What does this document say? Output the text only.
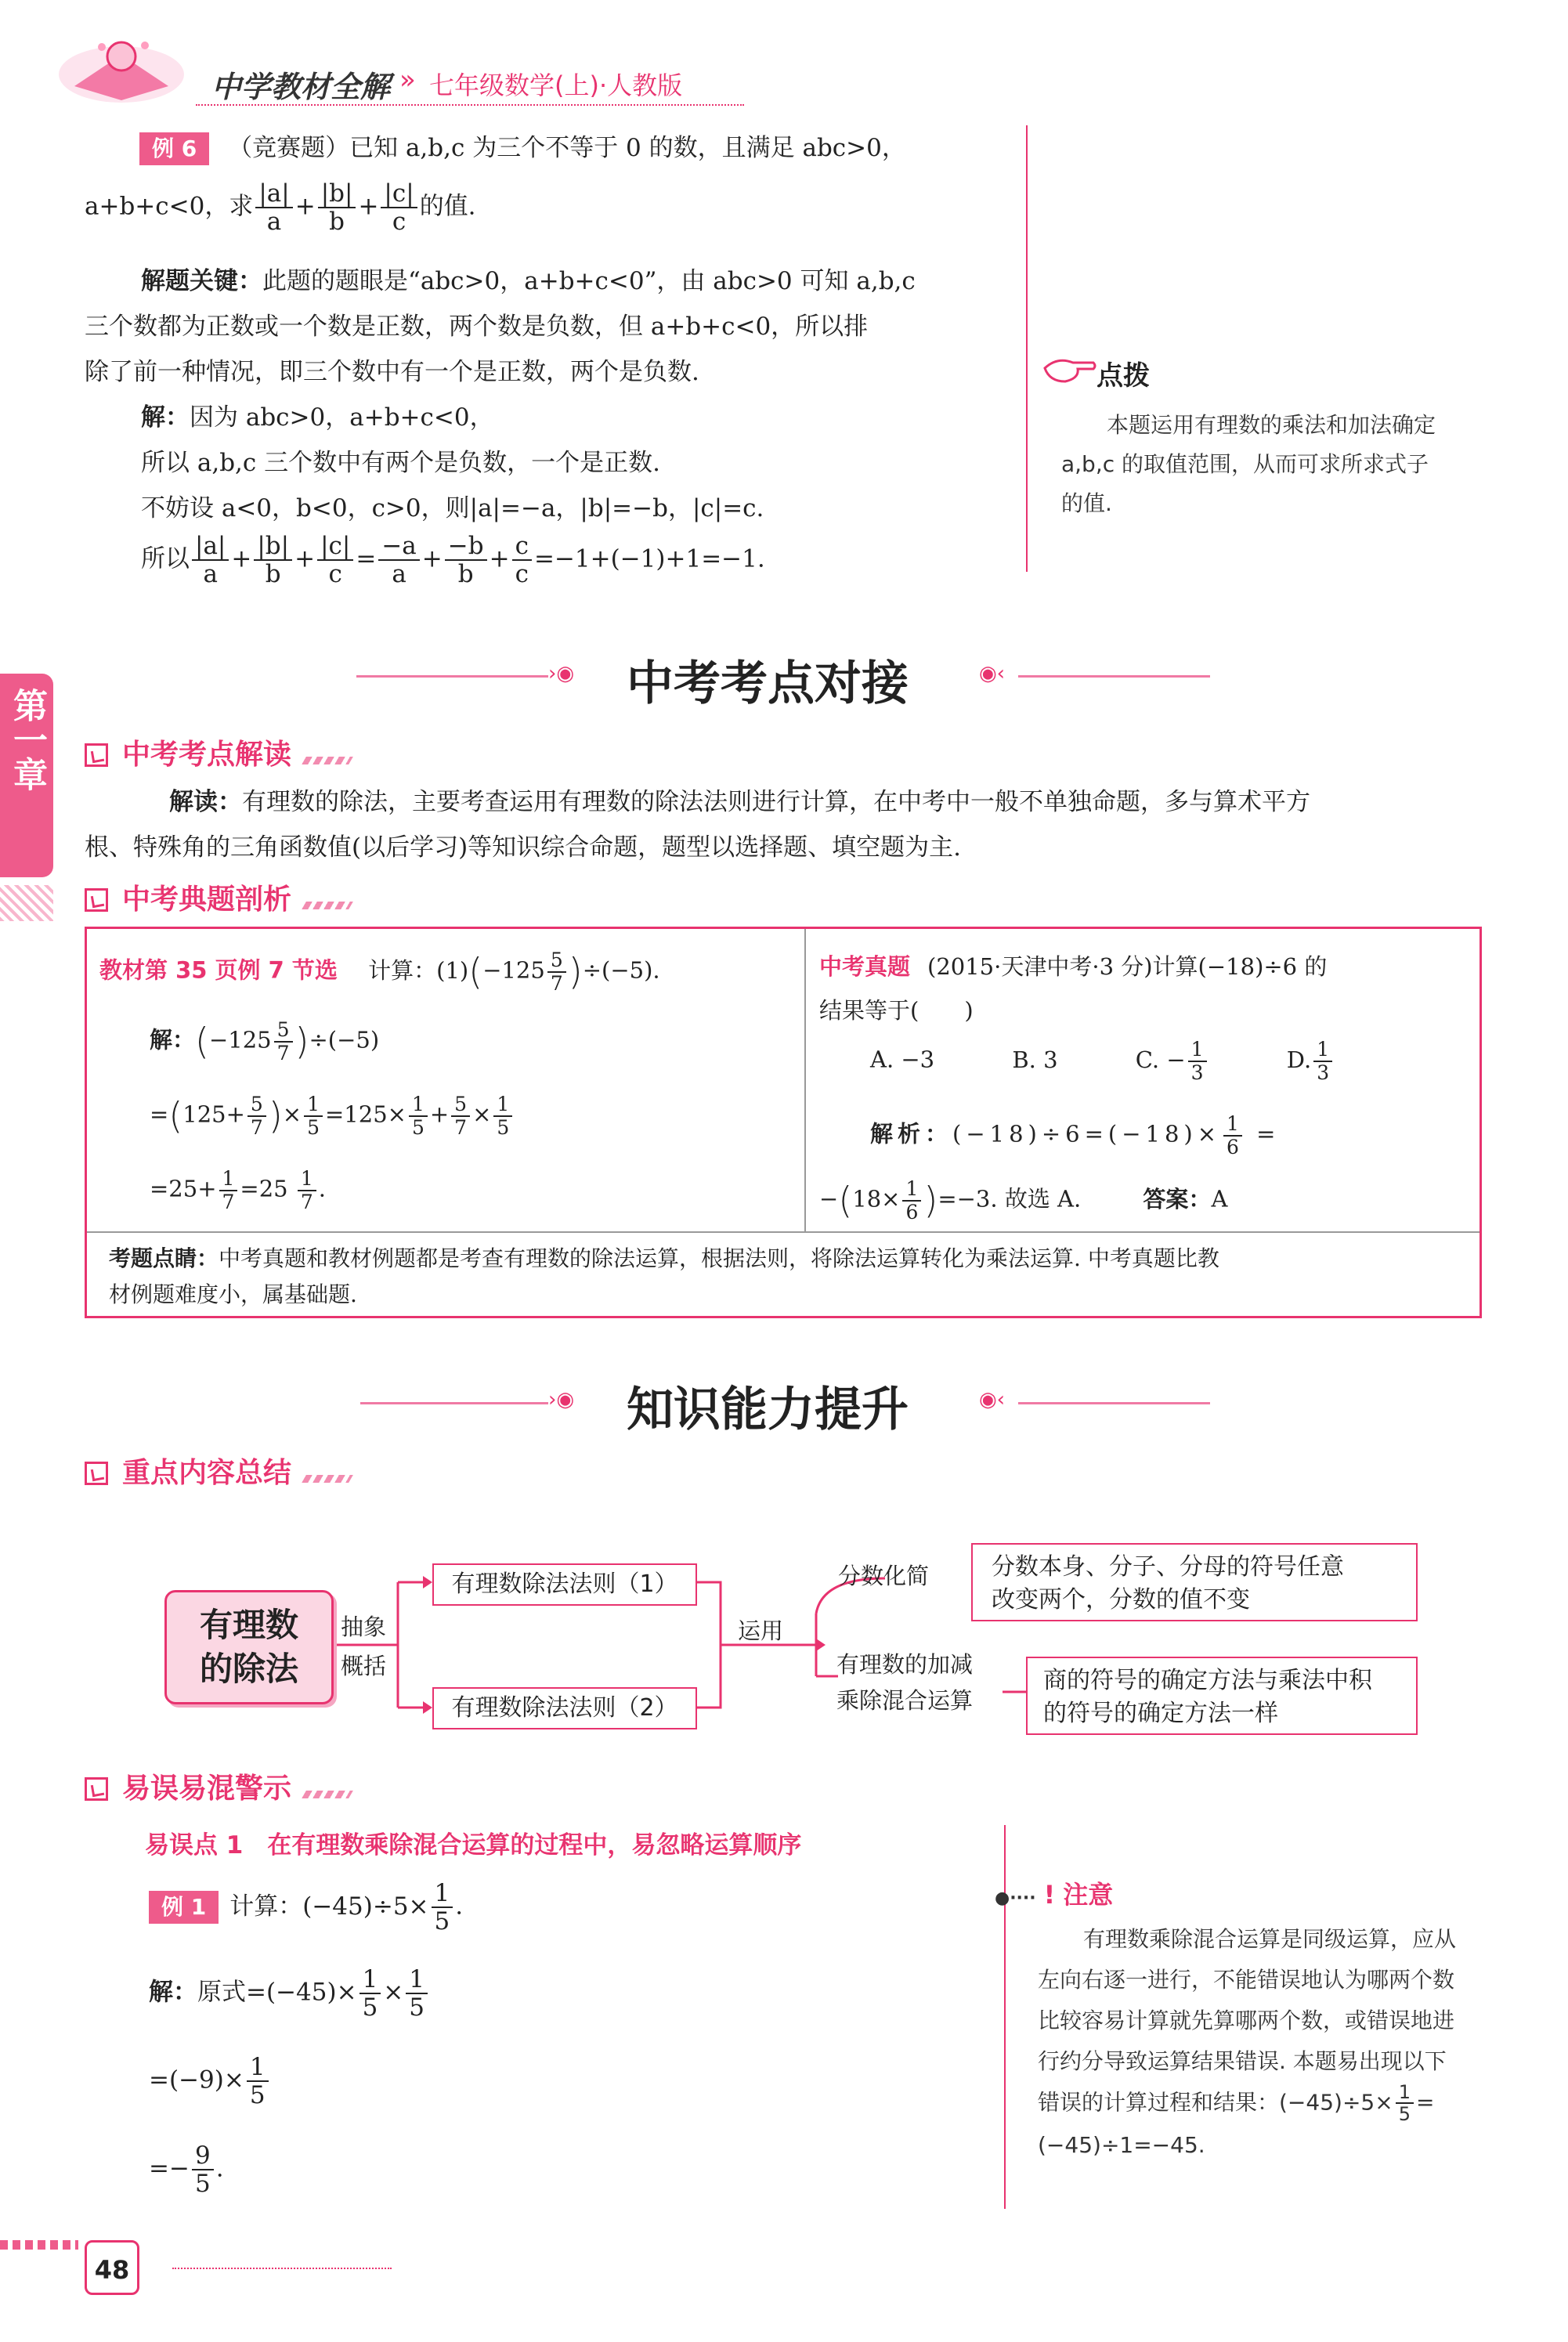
中学教材全解 » 七年级数学(上)·人教版
第一章
例 6 （竞赛题）已知 a,b,c 为三个不等于 0 的数，且满足 abc>0，
a+b+c<0，求 $\frac{|a|}{a} + \frac{|b|}{b} + \frac{|c|}{c}$ 的值.
解题关键：此题的题眼是“abc>0，a+b+c<0”，由 abc>0 可知 a,b,c
三个数都为正数或一个数是正数，两个数是负数，但 a+b+c<0，所以排
除了前一种情况，即三个数中有一个是正数，两个是负数.
解：因为 abc>0，a+b+c<0，
所以 a,b,c 三个数中有两个是负数，一个是正数.
不妨设 a<0，b<0，c>0，则|a|=−a，|b|=−b，|c|=c.
所以 $\frac{|a|}{a} + \frac{|b|}{b} + \frac{|c|}{c} = \frac{-a}{a} + \frac{-b}{b} + \frac{c}{c} =-1+(-1)+1=-1$.
点拨
本题运用有理数的乘法和加法确定
a,b,c 的取值范围，从而可求所求式子
的值.
›◉ 中考考点对接	◉‹
中考考点解读
解读：有理数的除法，主要考查运用有理数的除法法则进行计算，在中考中一般不单独命题，多与算术平方
根、特殊角的三角函数值(以后学习)等知识综合命题，题型以选择题、填空题为主.
中考典题剖析
教材第 35 页例 7 节选 计算：$(1)(-125 \frac{5}{7} )\div(-5)$.
解：$(-125 \frac{5}{7} )\div(-5)$
$=(125+ \frac{5}{7}$ )× $\frac{1}{5} =125\times \frac{1}{5} + \frac{5}{7} \times \frac{1}{5}$
$=25+ \frac{1}{7} =25 \frac{1}{7}$ .
中考真题 (2015·天津中考·3 分)计算(−18)÷6 的
结果等于(　　)
A. −3	B. 3	C. − $\frac{1}{3}$	D. $\frac{1}{3}$
解析：$(-18)\div 6=(-18)\times \frac{1}{6}$ =
$-(18\times \frac{1}{6} )=-3$. 故选 A.	答案：A
考题点睛：中考真题和教材例题都是考查有理数的除法运算，根据法则，将除法运算转化为乘法运算. 中考真题比教
材例题难度小，属基础题.
›◉ 知识能力提升	◉‹
重点内容总结
有理数的除法
抽象
概括
有理数除法法则（1）
有理数除法法则（2）
运用
分数化简
有理数的加减
乘除混合运算
分数本身、分子、分母的符号任意
改变两个，分数的值不变
商的符号的确定方法与乘法中积
的符号的确定方法一样
易误易混警示
易误点 1　在有理数乘除混合运算的过程中，易忽略运算顺序
例 1 计算：$(-45)\div 5\times \frac{1}{5}$ .
解：原式$=(-45)\times \frac{1}{5} \times \frac{1}{5}$
$=(-9)\times \frac{1}{5}$
=− $\frac{9}{5}$ .
●···· ! 注意
有理数乘除混合运算是同级运算，应从
左向右逐一进行，不能错误地认为哪两个数
比较容易计算就先算哪两个数，或错误地进
行约分导致运算结果错误. 本题易出现以下
错误的计算过程和结果：$(-45)\div 5\times \frac{1}{5}$ =
(−45)÷1=−45.
48
